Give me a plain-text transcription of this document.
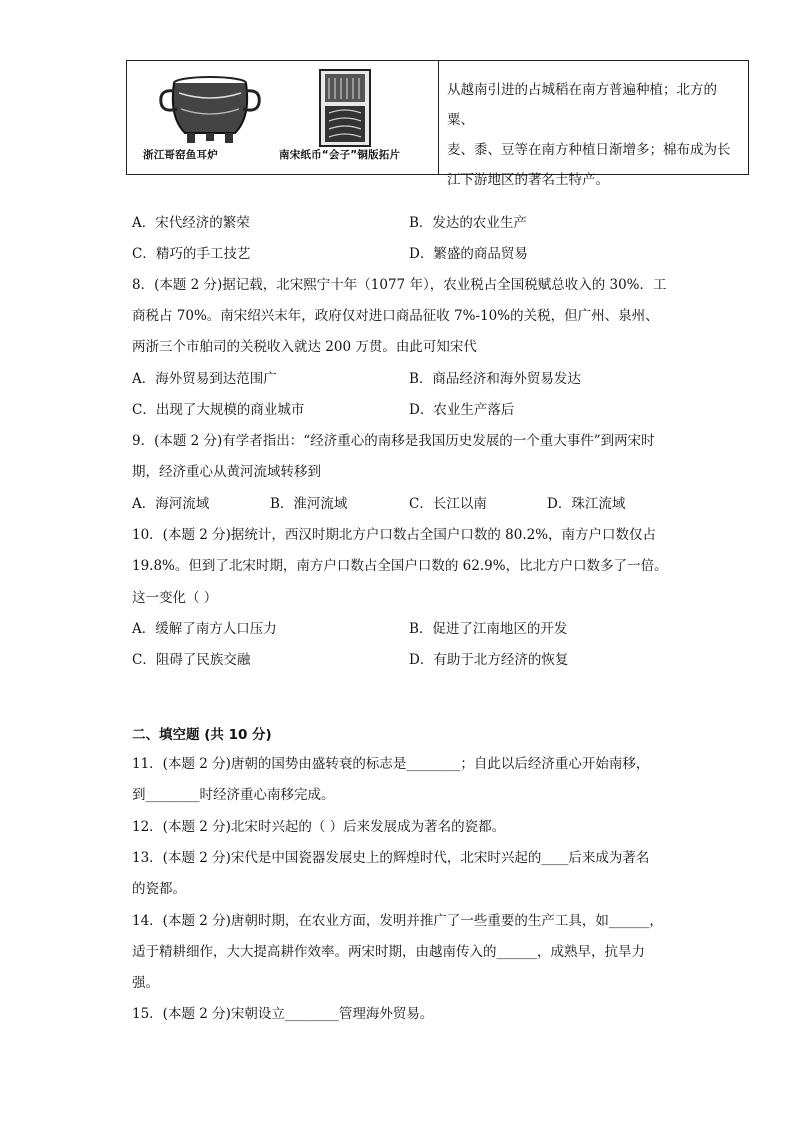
浙江哥窑鱼耳炉	南宋纸币“会子”铜版拓片
从越南引进的占城稻在南方普遍种植；北方的粟、
麦、黍、豆等在南方种植日渐增多；棉布成为长
江下游地区的著名土特产。
A．宋代经济的繁荣	B．发达的农业生产
C．精巧的手工技艺	D．繁盛的商品贸易
8．(本题 2 分)据记载，北宋熙宁十年（1077 年），农业税占全国税赋总收入的 30%．工
商税占 70%。南宋绍兴末年，政府仅对进口商品征收 7%-10%的关税，但广州、泉州、
两浙三个市舶司的关税收入就达 200 万贯。由此可知宋代
A．海外贸易到达范围广	B．商品经济和海外贸易发达
C．出现了大规模的商业城市	D．农业生产落后
9．(本题 2 分)有学者指出：“经济重心的南移是我国历史发展的一个重大事件”到两宋时
期，经济重心从黄河流域转移到
A．海河流域	B．淮河流域	C．长江以南	D．珠江流域
10．(本题 2 分)据统计，西汉时期北方户口数占全国户口数的 80.2%，南方户口数仅占
19.8%。但到了北宋时期，南方户口数占全国户口数的 62.9%，比北方户口数多了一倍。
这一变化（ ）
A．缓解了南方人口压力	B．促进了江南地区的开发
C．阻碍了民族交融	D．有助于北方经济的恢复
二、填空题 (共 10 分)
11．(本题 2 分)唐朝的国势由盛转衰的标志是________；自此以后经济重心开始南移，
到________时经济重心南移完成。
12．(本题 2 分)北宋时兴起的（ ）后来发展成为著名的瓷都。
13．(本题 2 分)宋代是中国瓷器发展史上的辉煌时代，北宋时兴起的____后来成为著名
的瓷都。
14．(本题 2 分)唐朝时期，在农业方面，发明并推广了一些重要的生产工具，如______，
适于精耕细作，大大提高耕作效率。两宋时期，由越南传入的______，成熟早，抗旱力
强。
15．(本题 2 分)宋朝设立________管理海外贸易。
